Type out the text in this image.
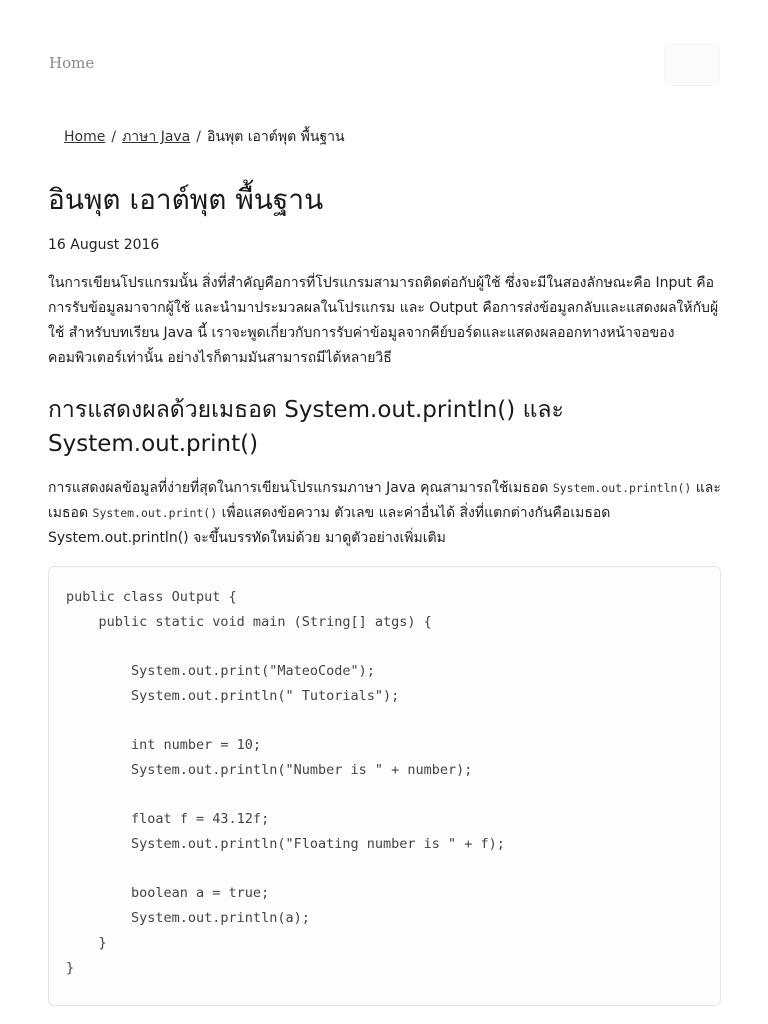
Home
Home / ภาษา Java / อินพุต เอาต์พุต พื้นฐาน
อินพุต เอาต์พุต พื้นฐาน
16 August 2016

ในการเขียนโปรแกรมนั้น สิ่งที่สำคัญคือการที่โปรแกรมสามารถติดต่อกับผู้ใช้ ซึ่งจะมีในสองลักษณะคือ Input คือการรับข้อมูลมาจากผู้ใช้ และนำมาประมวลผลในโปรแกรม และ Output คือการส่งข้อมูลกลับและแสดงผลให้กับผู้ใช้ สำหรับบทเรียน Java นี้ เราจะพูดเกี่ยวกับการรับค่าข้อมูลจากคีย์บอร์ดและแสดงผลออกทางหน้าจอของคอมพิวเตอร์เท่านั้น อย่างไรก็ตามมันสามารถมีได้หลายวิธี

การแสดงผลด้วยเมธอด System.out.println() และ System.out.print()

การแสดงผลข้อมูลที่ง่ายที่สุดในการเขียนโปรแกรมภาษา Java คุณสามารถใช้เมธอด System.out.println() และเมธอด System.out.print() เพื่อแสดงข้อความ ตัวเลข และค่าอื่นได้ สิ่งที่แตกต่างกันคือเมธอด System.out.println() จะขึ้นบรรทัดใหม่ด้วย มาดูตัวอย่างเพิ่มเติม

public class Output {
public static void main (String[] atgs) {

System.out.print("MateoCode");
System.out.println(" Tutorials");

int number = 10;
System.out.println("Number is " + number);

float f = 43.12f;
System.out.println("Floating number is " + f);

boolean a = true;
System.out.println(a);
}
}
